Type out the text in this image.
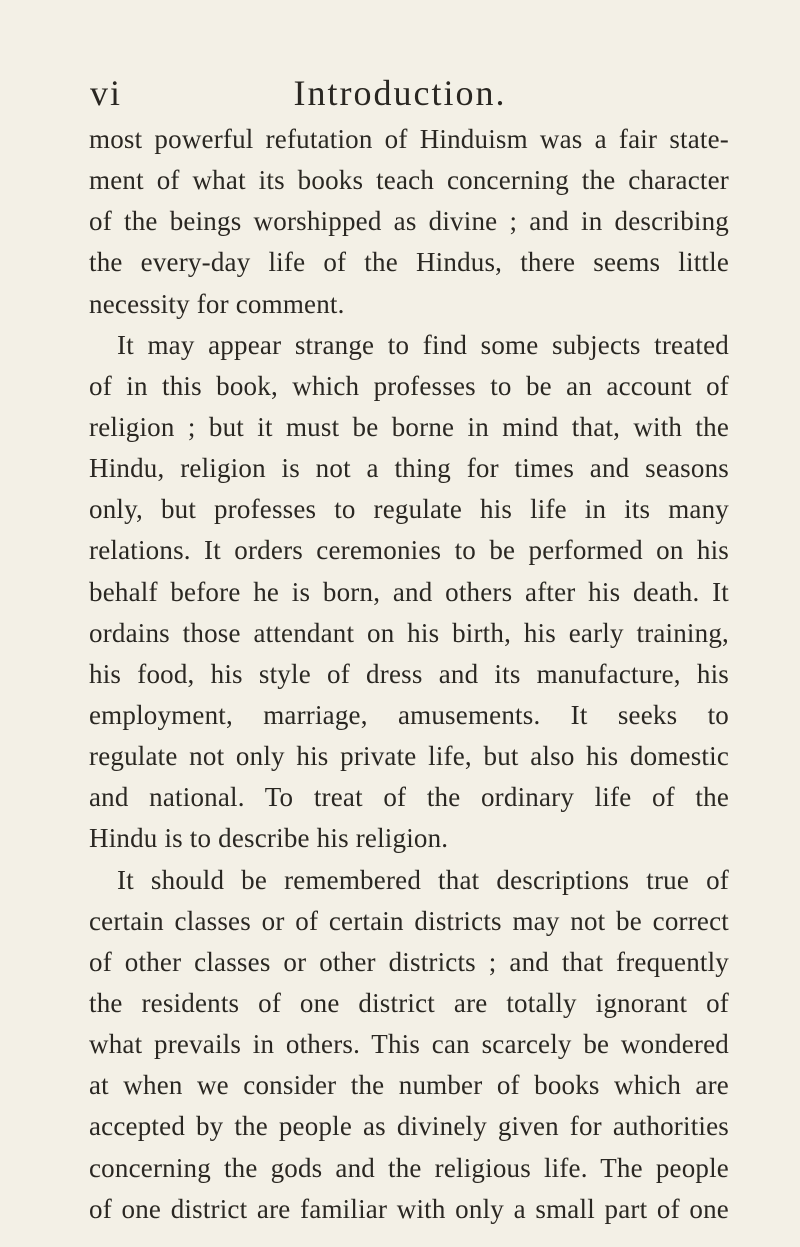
vi	Introduction.
most powerful refutation of Hinduism was a fair state-
ment of what its books teach concerning the character
of the beings worshipped as divine ; and in describing
the every-day life of the Hindus, there seems little
necessity for comment.
It may appear strange to find some subjects treated
of in this book, which professes to be an account of
religion ; but it must be borne in mind that, with the
Hindu, religion is not a thing for times and seasons
only, but professes to regulate his life in its many
relations. It orders ceremonies to be performed on his
behalf before he is born, and others after his death. It
ordains those attendant on his birth, his early training,
his food, his style of dress and its manufacture, his
employment, marriage, amusements. It seeks to
regulate not only his private life, but also his domestic
and national. To treat of the ordinary life of the
Hindu is to describe his religion.
It should be remembered that descriptions true of
certain classes or of certain districts may not be correct
of other classes or other districts ; and that frequently
the residents of one district are totally ignorant of
what prevails in others. This can scarcely be wondered
at when we consider the number of books which are
accepted by the people as divinely given for authorities
concerning the gods and the religious life. The people
of one district are familiar with only a small part of one
